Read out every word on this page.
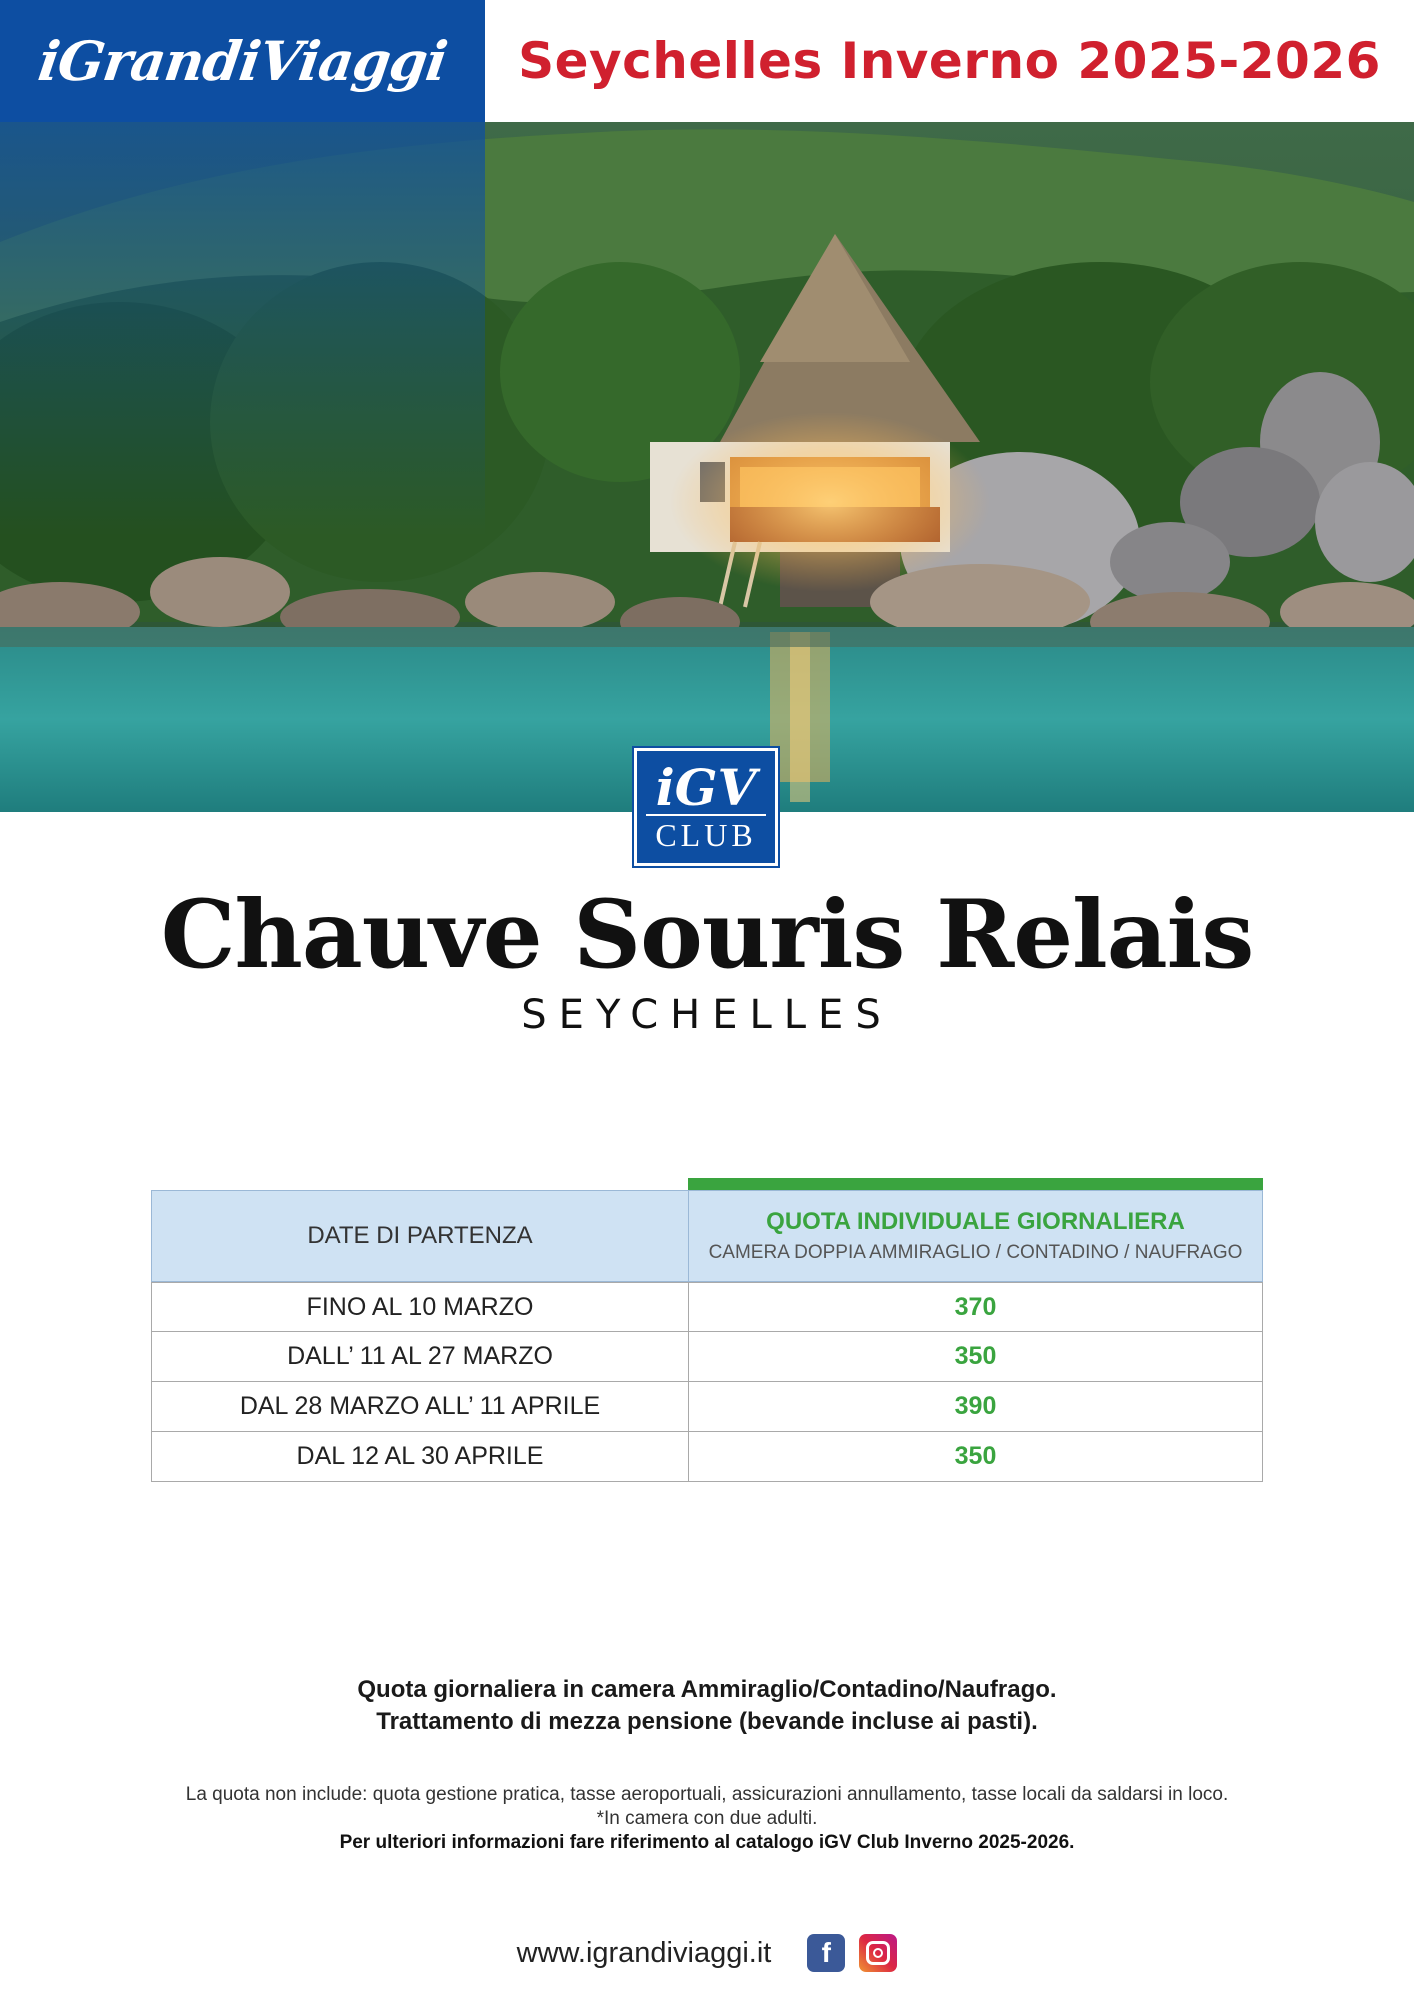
iGrandiViaggi	Seychelles Inverno 2025-2026
iGV
CLUB
Chauve Souris Relais
SEYCHELLES
DATE DI PARTENZA
QUOTA INDIVIDUALE GIORNALIERA
CAMERA DOPPIA AMMIRAGLIO / CONTADINO / NAUFRAGO
FINO AL 10 MARZO	370
DALL’ 11 AL 27 MARZO	350
DAL 28 MARZO ALL’ 11 APRILE	390
DAL 12 AL 30 APRILE	350
Quota giornaliera in camera Ammiraglio/Contadino/Naufrago.
Trattamento di mezza pensione (bevande incluse ai pasti).
La quota non include: quota gestione pratica, tasse aeroportuali, assicurazioni annullamento, tasse locali da saldarsi in loco.
*In camera con due adulti.
Per ulteriori informazioni fare riferimento al catalogo iGV Club Inverno 2025-2026.
www.igrandiviaggi.it	f
